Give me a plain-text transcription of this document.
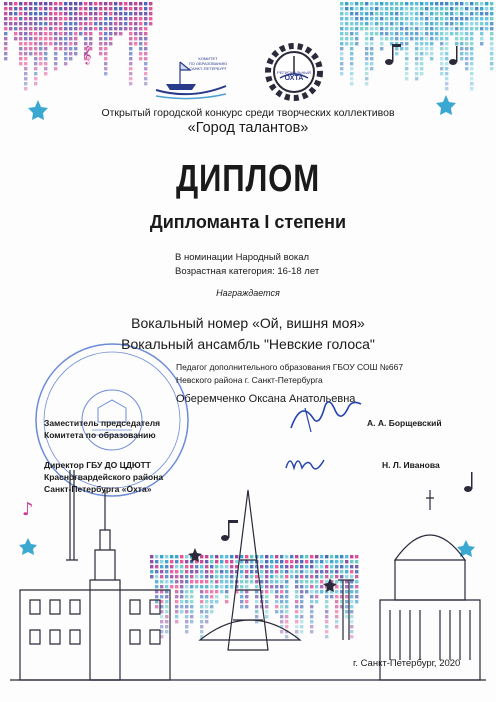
𝄞
♪
КОМИТЕТ
ПО ОБРАЗОВАНИЮ
САНКТ-ПЕТЕРБУРГ
РЕГИОНАЛЬНЫЙ
ОХТА
Открытый городской конкурс среди творческих коллективов
«Город талантов»
ДИПЛОМ
Дипломанта I степени
В номинации Народный вокал
Возрастная категория: 16-18 лет
Награждается
Вокальный номер «Ой, вишня моя»
Вокальный ансамбль "Невские голоса"
Педагог дополнительного образования ГБОУ СОШ №667
Невского района г. Санкт-Петербурга
Оберемченко Оксана Анатольевна
Заместитель председателя
Комитета по образованию
А. А. Борщевский
Директор ГБУ ДО ЦДЮТТ
Красногвардейского района
Санкт-Петербурга «Охта»
Н. Л. Иванова
г. Санкт-Петербург, 2020
